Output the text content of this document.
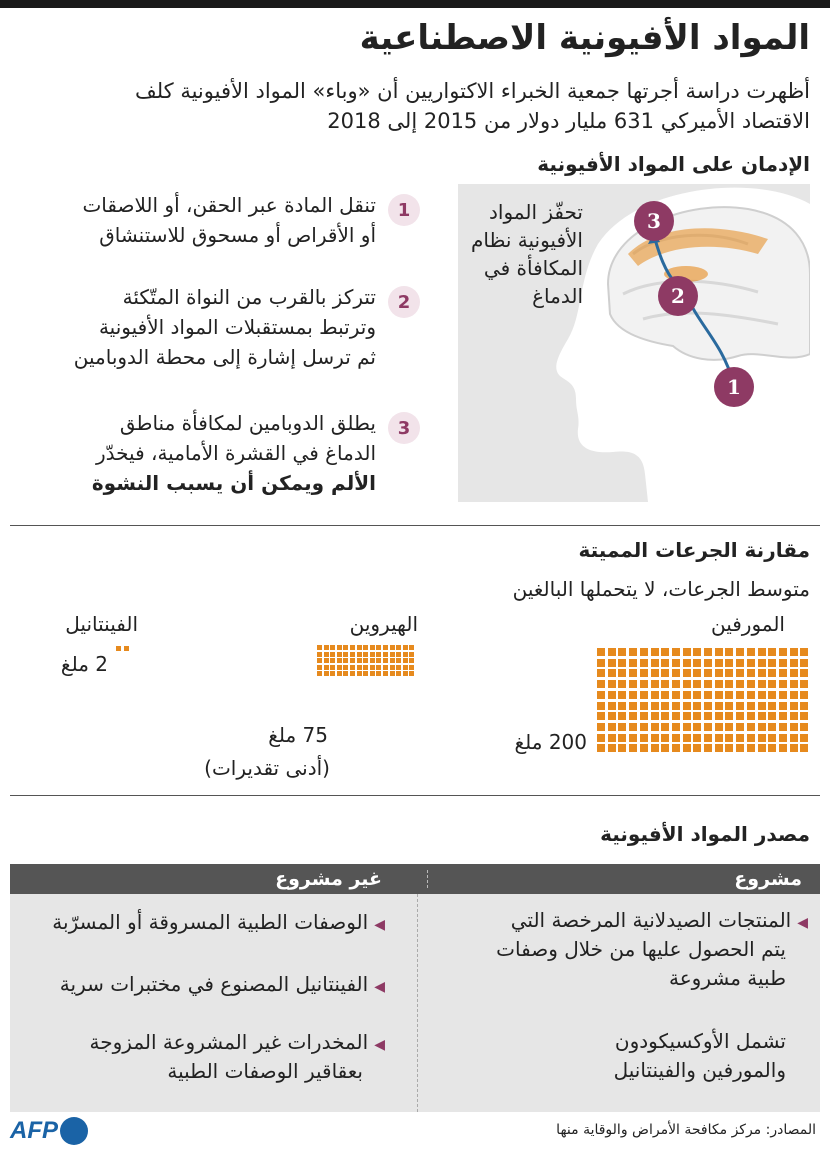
المواد الأفيونية الاصطناعية
أظهرت دراسة أجرتها جمعية الخبراء الاكتواريين أن «وباء» المواد الأفيونية كلف
الاقتصاد الأميركي 631 مليار دولار من 2015 إلى 2018
الإدمان على المواد الأفيونية
1
تنقل المادة عبر الحقن، أو اللاصقات
أو الأقراص أو مسحوق للاستنشاق
2
تتركز بالقرب من النواة المتّكئة
وترتبط بمستقبلات المواد الأفيونية
ثم ترسل إشارة إلى محطة الدوبامين
3
يطلق الدوبامين لمكافأة مناطق
الدماغ في القشرة الأمامية، فيخدّر
الألم ويمكن أن يسبب النشوة
1
2
3
تحفّز المواد الأفيونية نظام المكافأة في الدماغ
مقارنة الجرعات المميتة
متوسط الجرعات، لا يتحملها البالغين
المورفين
الهيروين
الفينتانيل
200 ملغ
75 ملغ
(أدنى تقديرات)
2 ملغ
مصدر المواد الأفيونية
مشروع
غير مشروع
◀المنتجات الصيدلانية المرخصة التي
يتم الحصول عليها من خلال وصفات
طبية مشروعة
تشمل الأوكسيكودون
والمورفين والفينتانيل
◀الوصفات الطبية المسروقة أو المسرّبة
◀الفينتانيل المصنوع في مختبرات سرية
◀المخدرات غير المشروعة المزوجة
بعقاقير الوصفات الطبية
المصادر: مركز مكافحة الأمراض والوقاية منها
AFP
